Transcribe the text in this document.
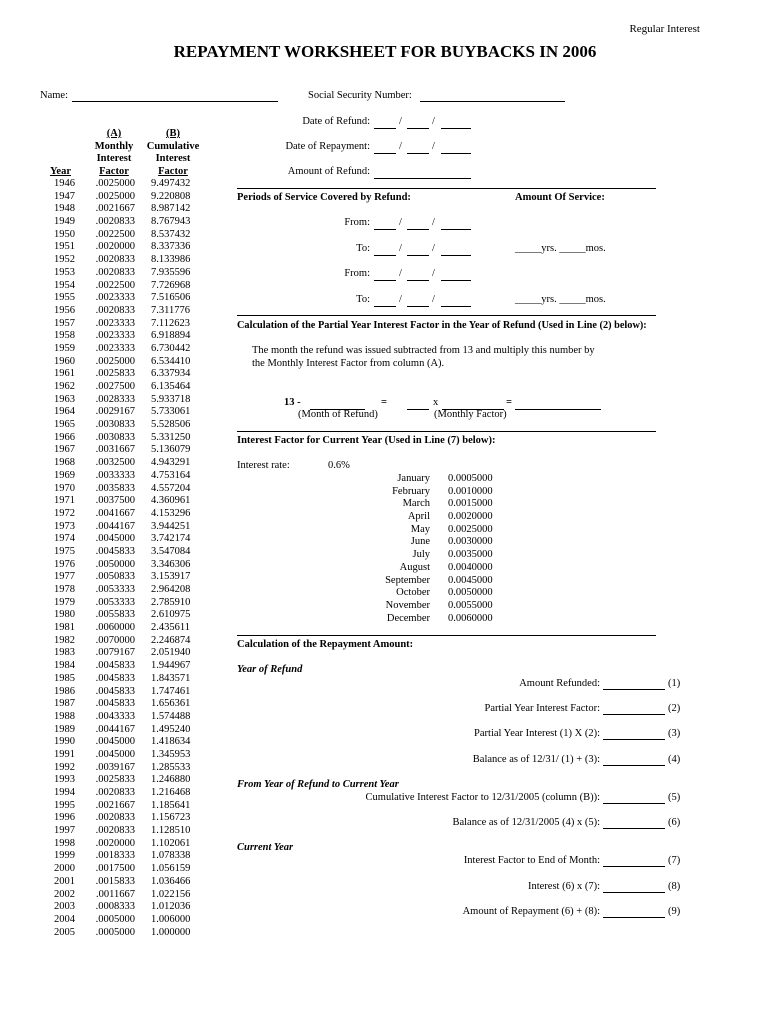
Regular Interest
REPAYMENT WORKSHEET FOR BUYBACKS IN 2006
Name:	Social Security Number:
(A)
Monthly
Interest
Factor
(B)
Cumulative
Interest
Factor
Year
1946 .0025000 9.497432
1947 .0025000 9.220808
1948 .0021667 8.987142
1949 .0020833 8.767943
1950 .0022500 8.537432
1951 .0020000 8.337336
1952 .0020833 8.133986
1953 .0020833 7.935596
1954 .0022500 7.726968
1955 .0023333 7.516506
1956 .0020833 7.311776
1957 .0023333 7.112623
1958 .0023333 6.918894
1959 .0023333 6.730442
1960 .0025000 6.534410
1961 .0025833 6.337934
1962 .0027500 6.135464
1963 .0028333 5.933718
1964 .0029167 5.733061
1965 .0030833 5.528506
1966 .0030833 5.331250
1967 .0031667 5.136079
1968 .0032500 4.943291
1969 .0033333 4.753164
1970 .0035833 4.557204
1971 .0037500 4.360961
1972 .0041667 4.153296
1973 .0044167 3.944251
1974 .0045000 3.742174
1975 .0045833 3.547084
1976 .0050000 3.346306
1977 .0050833 3.153917
1978 .0053333 2.964208
1979 .0053333 2.785910
1980 .0055833 2.610975
1981 .0060000 2.435611
1982 .0070000 2.246874
1983 .0079167 2.051940
1984 .0045833 1.944967
1985 .0045833 1.843571
1986 .0045833 1.747461
1987 .0045833 1.656361
1988 .0043333 1.574488
1989 .0044167 1.495240
1990 .0045000 1.418634
1991 .0045000 1.345953
1992 .0039167 1.285533
1993 .0025833 1.246880
1994 .0020833 1.216468
1995 .0021667 1.185641
1996 .0020833 1.156723
1997 .0020833 1.128510
1998 .0020000 1.102061
1999 .0018333 1.078338
2000 .0017500 1.056159
2001 .0015833 1.036466
2002 .0011667 1.022156
2003 .0008333 1.012036
2004 .0005000 1.006000
2005 .0005000 1.000000
Date of Refund:	/	/
Date of Repayment:	/	/
Amount of Refund:
Periods of Service Covered by Refund:	Amount Of Service:
From:	/	/
To:	/	/	_____yrs. _____mos.
From:	/	/
To:	/	/	_____yrs. _____mos.
Calculation of the Partial Year Interest Factor in the Year of Refund (Used in Line (2) below):
The month the refund was issued subtracted from 13 and multiply this number by
the Monthly Interest Factor from column (A).
13 -	=	x	=
(Month of Refund)	(Monthly Factor)
Interest Factor for Current Year (Used in Line (7) below):
Interest rate:	0.6%
January 0.0005000
February 0.0010000
March 0.0015000
April 0.0020000
May 0.0025000
June 0.0030000
July 0.0035000
August 0.0040000
September 0.0045000
October 0.0050000
November 0.0055000
December 0.0060000
Calculation of the Repayment Amount:
Year of Refund
From Year of Refund to Current Year
Current Year
Amount Refunded:	(1)
Partial Year Interest Factor:	(2)
Partial Year Interest (1) X (2):	(3)
Balance as of 12/31/ (1) + (3):	(4)
Cumulative Interest Factor to 12/31/2005 (column (B)):	(5)
Balance as of 12/31/2005 (4) x (5):	(6)
Interest Factor to End of Month:	(7)
Interest (6) x (7):	(8)
Amount of Repayment (6) + (8):	(9)
